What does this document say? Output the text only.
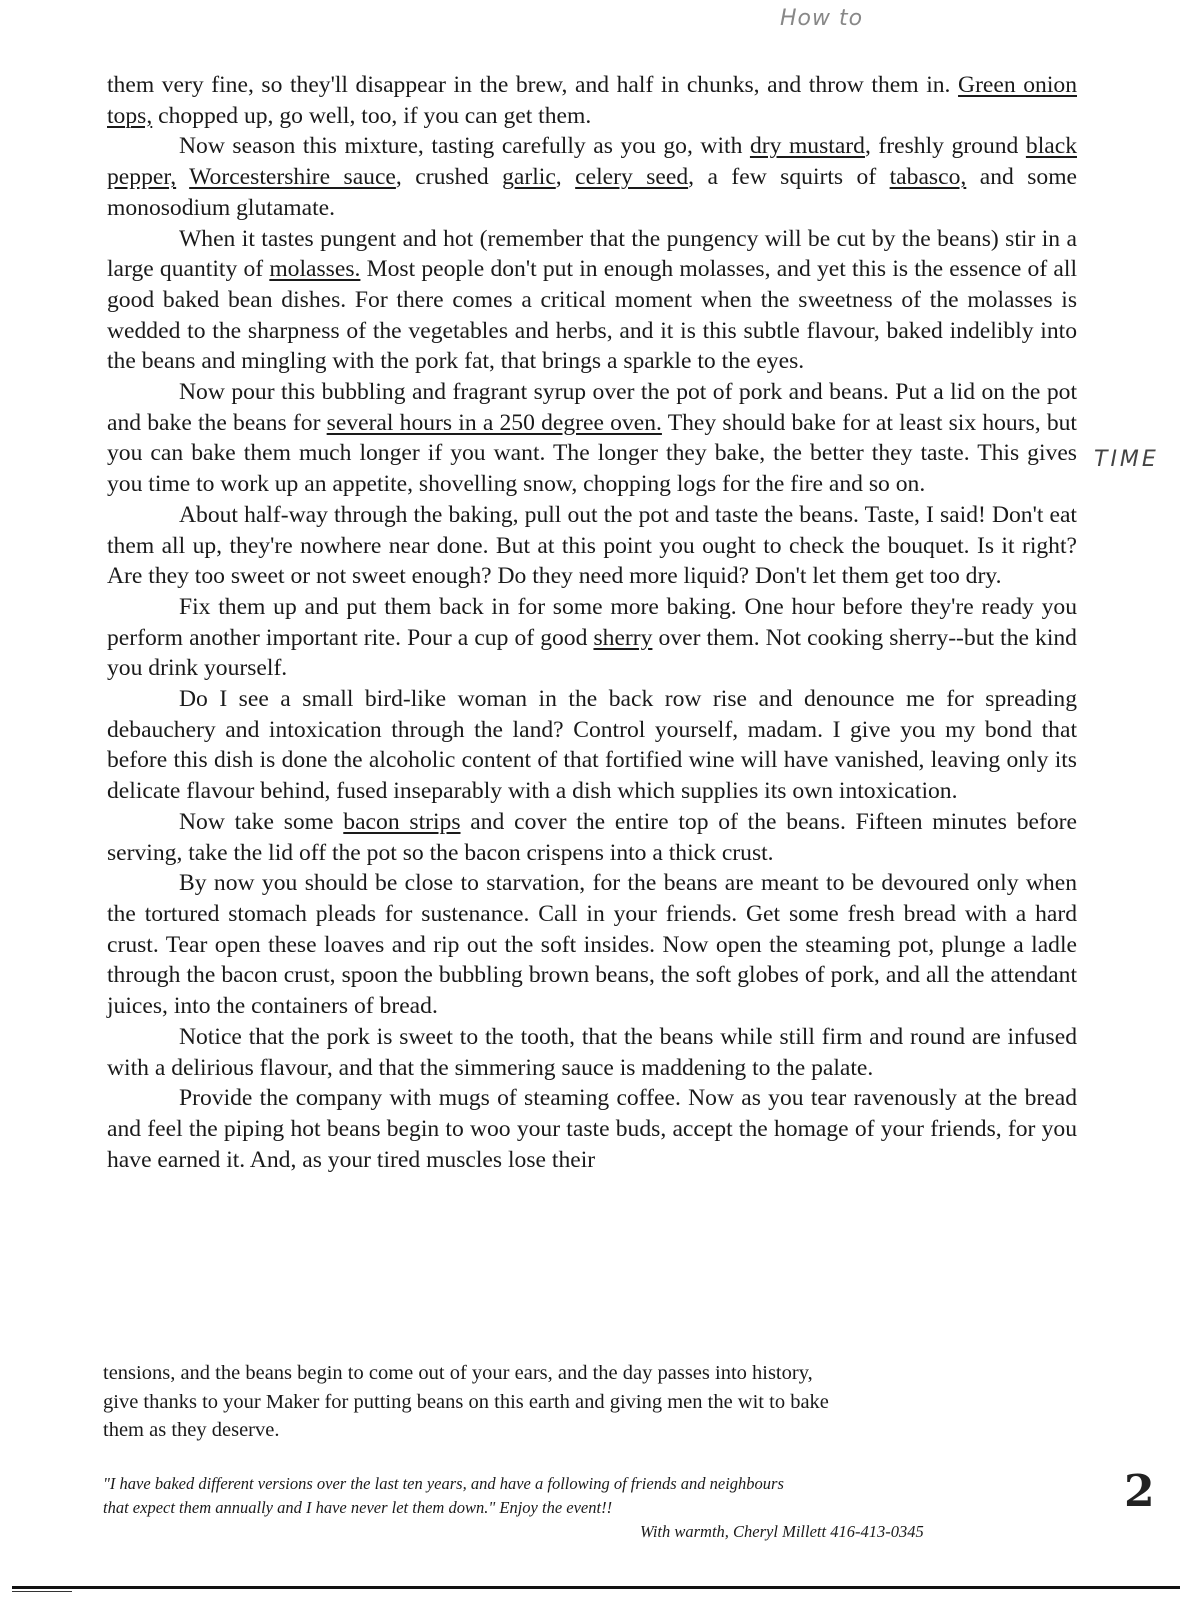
How to
TIME
2

them very fine, so they'll disappear in the brew, and half in chunks, and throw them in. Green onion tops, chopped up, go well, too, if you can get them.

Now season this mixture, tasting carefully as you go, with dry mustard, freshly ground black pepper, Worcestershire sauce, crushed garlic, celery seed, a few squirts of tabasco, and some monosodium glutamate.

When it tastes pungent and hot (remember that the pungency will be cut by the beans) stir in a large quantity of molasses. Most people don't put in enough molasses, and yet this is the essence of all good baked bean dishes. For there comes a critical moment when the sweetness of the molasses is wedded to the sharpness of the vegetables and herbs, and it is this subtle flavour, baked indelibly into the beans and mingling with the pork fat, that brings a sparkle to the eyes.

Now pour this bubbling and fragrant syrup over the pot of pork and beans. Put a lid on the pot and bake the beans for several hours in a 250 degree oven. They should bake for at least six hours, but you can bake them much longer if you want. The longer they bake, the better they taste. This gives you time to work up an appetite, shovelling snow, chopping logs for the fire and so on.

About half-way through the baking, pull out the pot and taste the beans. Taste, I said! Don't eat them all up, they're nowhere near done. But at this point you ought to check the bouquet. Is it right? Are they too sweet or not sweet enough? Do they need more liquid? Don't let them get too dry.

Fix them up and put them back in for some more baking. One hour before they're ready you perform another important rite. Pour a cup of good sherry over them. Not cooking sherry--but the kind you drink yourself.

Do I see a small bird-like woman in the back row rise and denounce me for spreading debauchery and intoxication through the land? Control yourself, madam. I give you my bond that before this dish is done the alcoholic content of that fortified wine will have vanished, leaving only its delicate flavour behind, fused inseparably with a dish which supplies its own intoxication.

Now take some bacon strips and cover the entire top of the beans. Fifteen minutes before serving, take the lid off the pot so the bacon crispens into a thick crust.

By now you should be close to starvation, for the beans are meant to be devoured only when the tortured stomach pleads for sustenance. Call in your friends. Get some fresh bread with a hard crust. Tear open these loaves and rip out the soft insides. Now open the steaming pot, plunge a ladle through the bacon crust, spoon the bubbling brown beans, the soft globes of pork, and all the attendant juices, into the containers of bread.

Notice that the pork is sweet to the tooth, that the beans while still firm and round are infused with a delirious flavour, and that the simmering sauce is maddening to the palate.

Provide the company with mugs of steaming coffee. Now as you tear ravenously at the bread and feel the piping hot beans begin to woo your taste buds, accept the homage of your friends, for you have earned it. And, as your tired muscles lose their

tensions, and the beans begin to come out of your ears, and the day passes into history,
give thanks to your Maker for putting beans on this earth and giving men the wit to bake
them as they deserve.
"I have baked different versions over the last ten years, and have a following of friends and neighbours
that expect them annually and I have never let them down." Enjoy the event!!
With warmth, Cheryl Millett 416-413-0345
